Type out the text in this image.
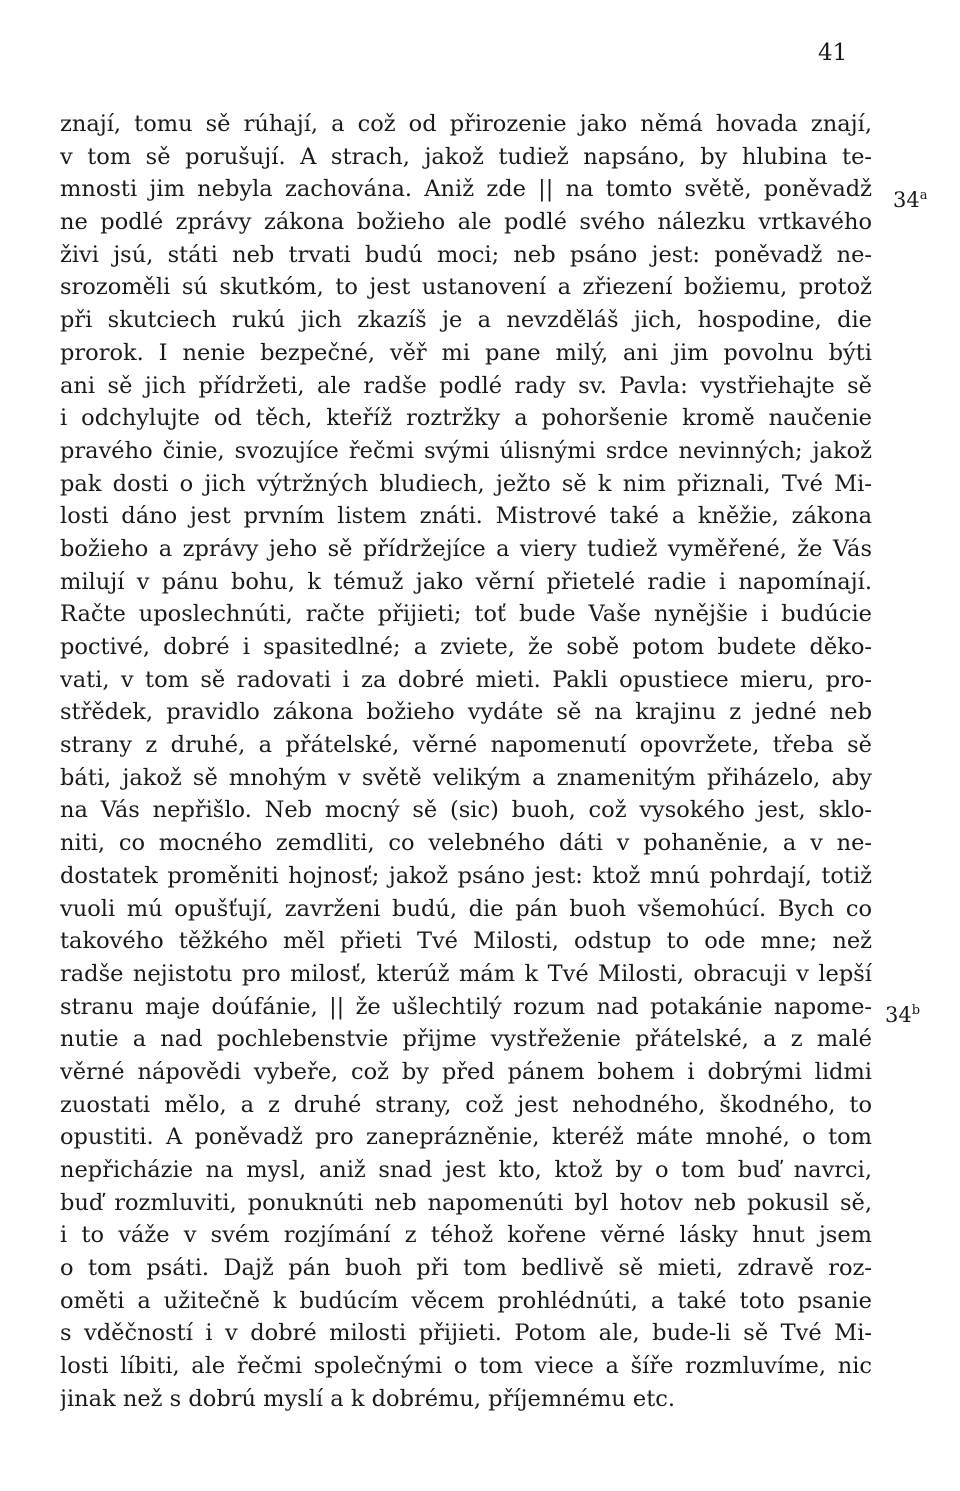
41
znají, tomu sě rúhají, a což od přirozenie jako němá hovada znají,
v tom sě porušují. A strach, jakož tudiež napsáno, by hlubina te-
mnosti jim nebyla zachována. Aniž zde || na tomto světě, poněvadž
ne podlé zprávy zákona božieho ale podlé svého nálezku vrtkavého
živi jsú, státi neb trvati budú moci; neb psáno jest: poněvadž ne-
srozoměli sú skutkóm, to jest ustanovení a zřiezení božiemu, protož
při skutciech rukú jich zkazíš je a nevzděláš jich, hospodine, die
prorok. I nenie bezpečné, věř mi pane milý, ani jim povolnu býti
ani sě jich přídržeti, ale radše podlé rady sv. Pavla: vystřiehajte sě
i odchylujte od těch, kteříž roztržky a pohoršenie kromě naučenie
pravého činie, svozujíce řečmi svými úlisnými srdce nevinných; jakož
pak dosti o jich výtržných bludiech, ježto sě k nim přiznali, Tvé Mi-
losti dáno jest prvním listem znáti. Mistrové také a kněžie, zákona
božieho a zprávy jeho sě přídržejíce a viery tudiež vyměřené, že Vás
milují v pánu bohu, k témuž jako věrní přietelé radie i napomínají.
Račte uposlechnúti, račte přijieti; toť bude Vaše nynějšie i budúcie
poctivé, dobré i spasitedlné; a zviete, že sobě potom budete děko-
vati, v tom sě radovati i za dobré mieti. Pakli opustiece mieru, pro-
střědek, pravidlo zákona božieho vydáte sě na krajinu z jedné neb
strany z druhé, a přátelské, věrné napomenutí opovržete, třeba sě
báti, jakož sě mnohým v světě velikým a znamenitým přiházelo, aby
na Vás nepřišlo. Neb mocný sě (sic) buoh, což vysokého jest, sklo-
niti, co mocného zemdliti, co velebného dáti v pohaněnie, a v ne-
dostatek proměniti hojnosť; jakož psáno jest: ktož mnú pohrdají, totiž
vuoli mú opušťují, zavrženi budú, die pán buoh všemohúcí. Bych co
takového těžkého měl přieti Tvé Milosti, odstup to ode mne; než
radše nejistotu pro milosť, kterúž mám k Tvé Milosti, obracuji v lepší
stranu maje doúfánie, || že ušlechtilý rozum nad potakánie napome-
nutie a nad pochlebenstvie přijme vystřeženie přátelské, a z malé
věrné nápovědi vybeře, což by před pánem bohem i dobrými lidmi
zuostati mělo, a z druhé strany, což jest nehodného, škodného, to
opustiti. A poněvadž pro zaneprázněnie, kteréž máte mnohé, o tom
nepřicházie na mysl, aniž snad jest kto, ktož by o tom buď navrci,
buď rozmluviti, ponuknúti neb napomenúti byl hotov neb pokusil sě,
i to váže v svém rozjímání z téhož kořene věrné lásky hnut jsem
o tom psáti. Dajž pán buoh při tom bedlivě sě mieti, zdravě roz-
oměti a užitečně k budúcím věcem prohlédnúti, a také toto psanie
s vděčností i v dobré milosti přijieti. Potom ale, bude-li sě Tvé Mi-
losti líbiti, ale řečmi společnými o tom viece a šíře rozmluvíme, nic
jinak než s dobrú myslí a k dobrému, příjemnému etc.
34$^a$
34$^b$
